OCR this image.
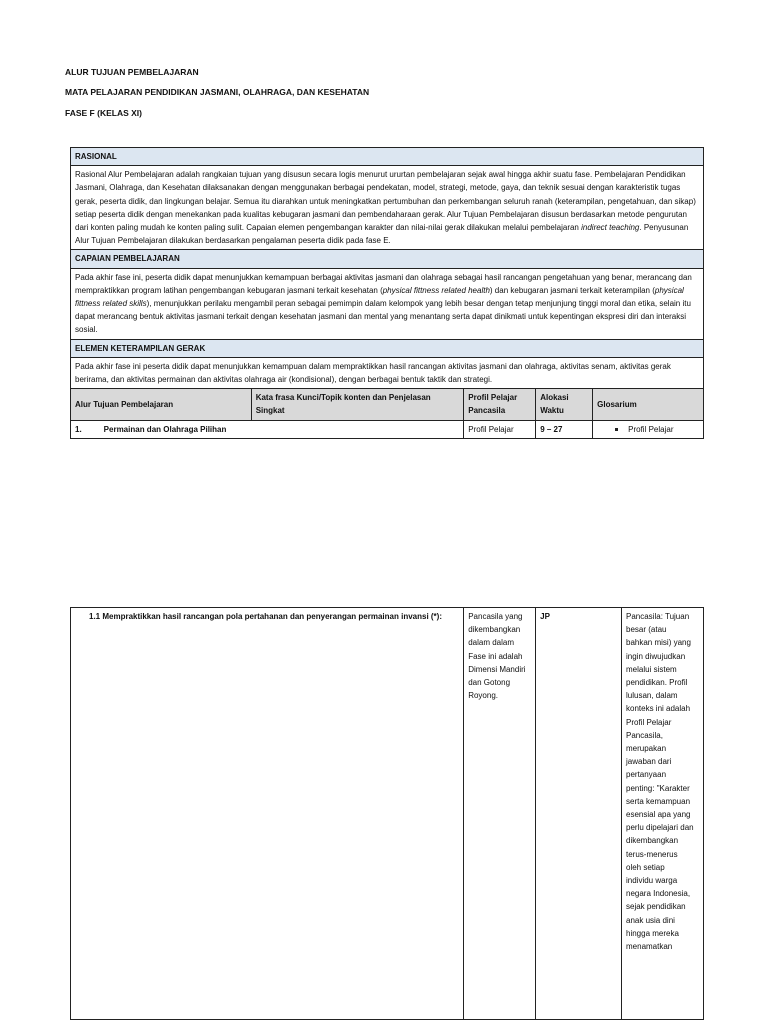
ALUR TUJUAN PEMBELAJARAN
MATA PELAJARAN PENDIDIKAN JASMANI, OLAHRAGA, DAN KESEHATAN
FASE F (KELAS XI)
RASIONAL				
Rasional Alur Pembelajaran adalah rangkaian tujuan yang disusun secara logis menurut ururtan pembelajaran sejak awal hingga akhir suatu fase. Pembelajaran Pendidikan Jasmani, Olahraga, dan Kesehatan dilaksanakan dengan menggunakan berbagai pendekatan, model, strategi, metode, gaya, dan teknik sesuai dengan karakteristik tugas gerak, peserta didik, dan lingkungan belajar. Semua itu diarahkan untuk meningkatkan pertumbuhan dan perkembangan seluruh ranah (keterampilan, pengetahuan, dan sikap) setiap peserta didik dengan menekankan pada kualitas kebugaran jasmani dan pembendaharaan gerak. Alur Tujuan Pembelajaran disusun berdasarkan metode pengurutan dari konten paling mudah ke konten paling sulit. Capaian elemen pengembangan karakter dan nilai-nilai gerak dilakukan melalui pembelajaran indirect teaching. Penyusunan Alur Tujuan Pembelajaran dilakukan berdasarkan pengalaman peserta didik pada fase E.				
CAPAIAN PEMBELAJARAN				
Pada akhir fase ini, peserta didik dapat menunjukkan kemampuan berbagai aktivitas jasmani dan olahraga sebagai hasil rancangan pengetahuan yang benar, merancang dan mempraktikkan program latihan pengembangan kebugaran jasmani terkait kesehatan (physical fittness related health) dan kebugaran jasmani terkait keterampilan (physical fittness related skills), menunjukkan perilaku mengambil peran sebagai pemimpin dalam kelompok yang lebih besar dengan tetap menjunjung tinggi moral dan etika, selain itu dapat merancang bentuk aktivitas jasmani terkait dengan kesehatan jasmani dan mental yang menantang serta dapat dinikmati untuk kepentingan ekspresi diri dan interaksi sosial.				
ELEMEN KETERAMPILAN GERAK				
Pada akhir fase ini peserta didik dapat menunjukkan kemampuan dalam mempraktikkan hasil rancangan aktivitas jasmani dan olahraga, aktivitas senam, aktivitas gerak berirama, dan aktivitas permainan dan aktivitas olahraga air (kondisional), dengan berbagai bentuk taktik dan strategi.				
Alur Tujuan Pembelajaran	Kata frasa Kunci/Topik konten dan Penjelasan Singkat	Profil Pelajar Pancasila	Alokasi Waktu	Glosarium
1. Permainan dan Olahraga Pilihan		Profil Pelajar	9 – 27	Profil Pelajar
1.1 Mempraktikkan hasil rancangan pola pertahanan dan penyerangan permainan invansi (*):	Pancasila yang dikembangkan dalam dalam Fase ini adalah Dimensi Mandiri dan Gotong Royong.	JP	Pancasila: Tujuan besar (atau bahkan misi) yang ingin diwujudkan melalui sistem pendidikan. Profil lulusan, dalam konteks ini adalah Profil Pelajar Pancasila, merupakan jawaban dari pertanyaan penting: "Karakter serta kemampuan esensial apa yang perlu dipelajari dan dikembangkan terus-menerus oleh setiap individu warga negara Indonesia, sejak pendidikan anak usia dini hingga mereka menamatkan
